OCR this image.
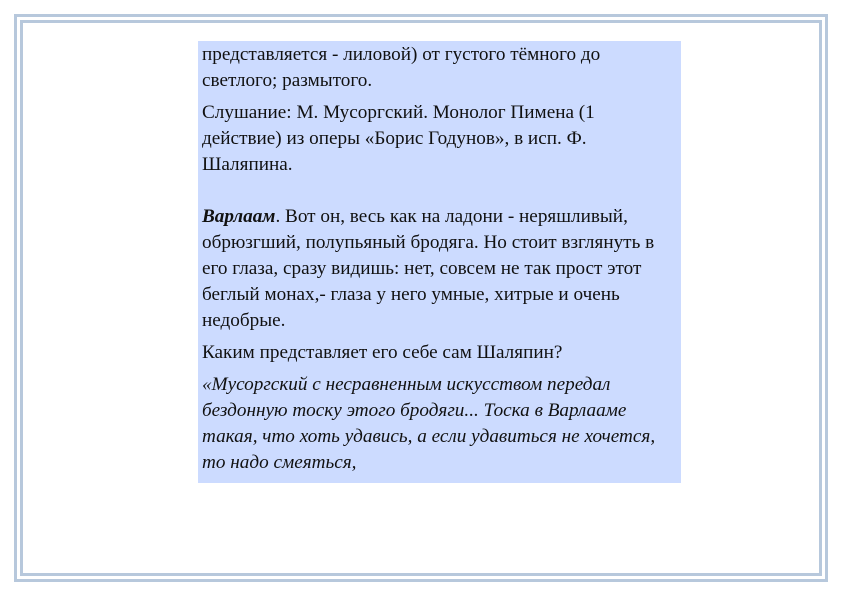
представляется - лиловой) от густого тёмного до светлого; размытого.

Слушание: М. Мусоргский. Монолог Пимена (1 действие) из оперы «Борис Годунов», в исп. Ф. Шаляпина.

Варлаам. Вот он, весь как на ладони - неряшливый, обрюзгший, полупьяный бродяга. Но стоит взглянуть в его глаза, сразу видишь: нет, совсем не так прост этот беглый монах,- глаза у него умные, хитрые и очень недобрые.

Каким представляет его себе сам Шаляпин?

«Мусоргский с несравненным искусством передал бездонную тоску этого бродяги... Тоска в Варлааме такая, что хоть удавись, а если удавиться не хочется, то надо смеяться,
